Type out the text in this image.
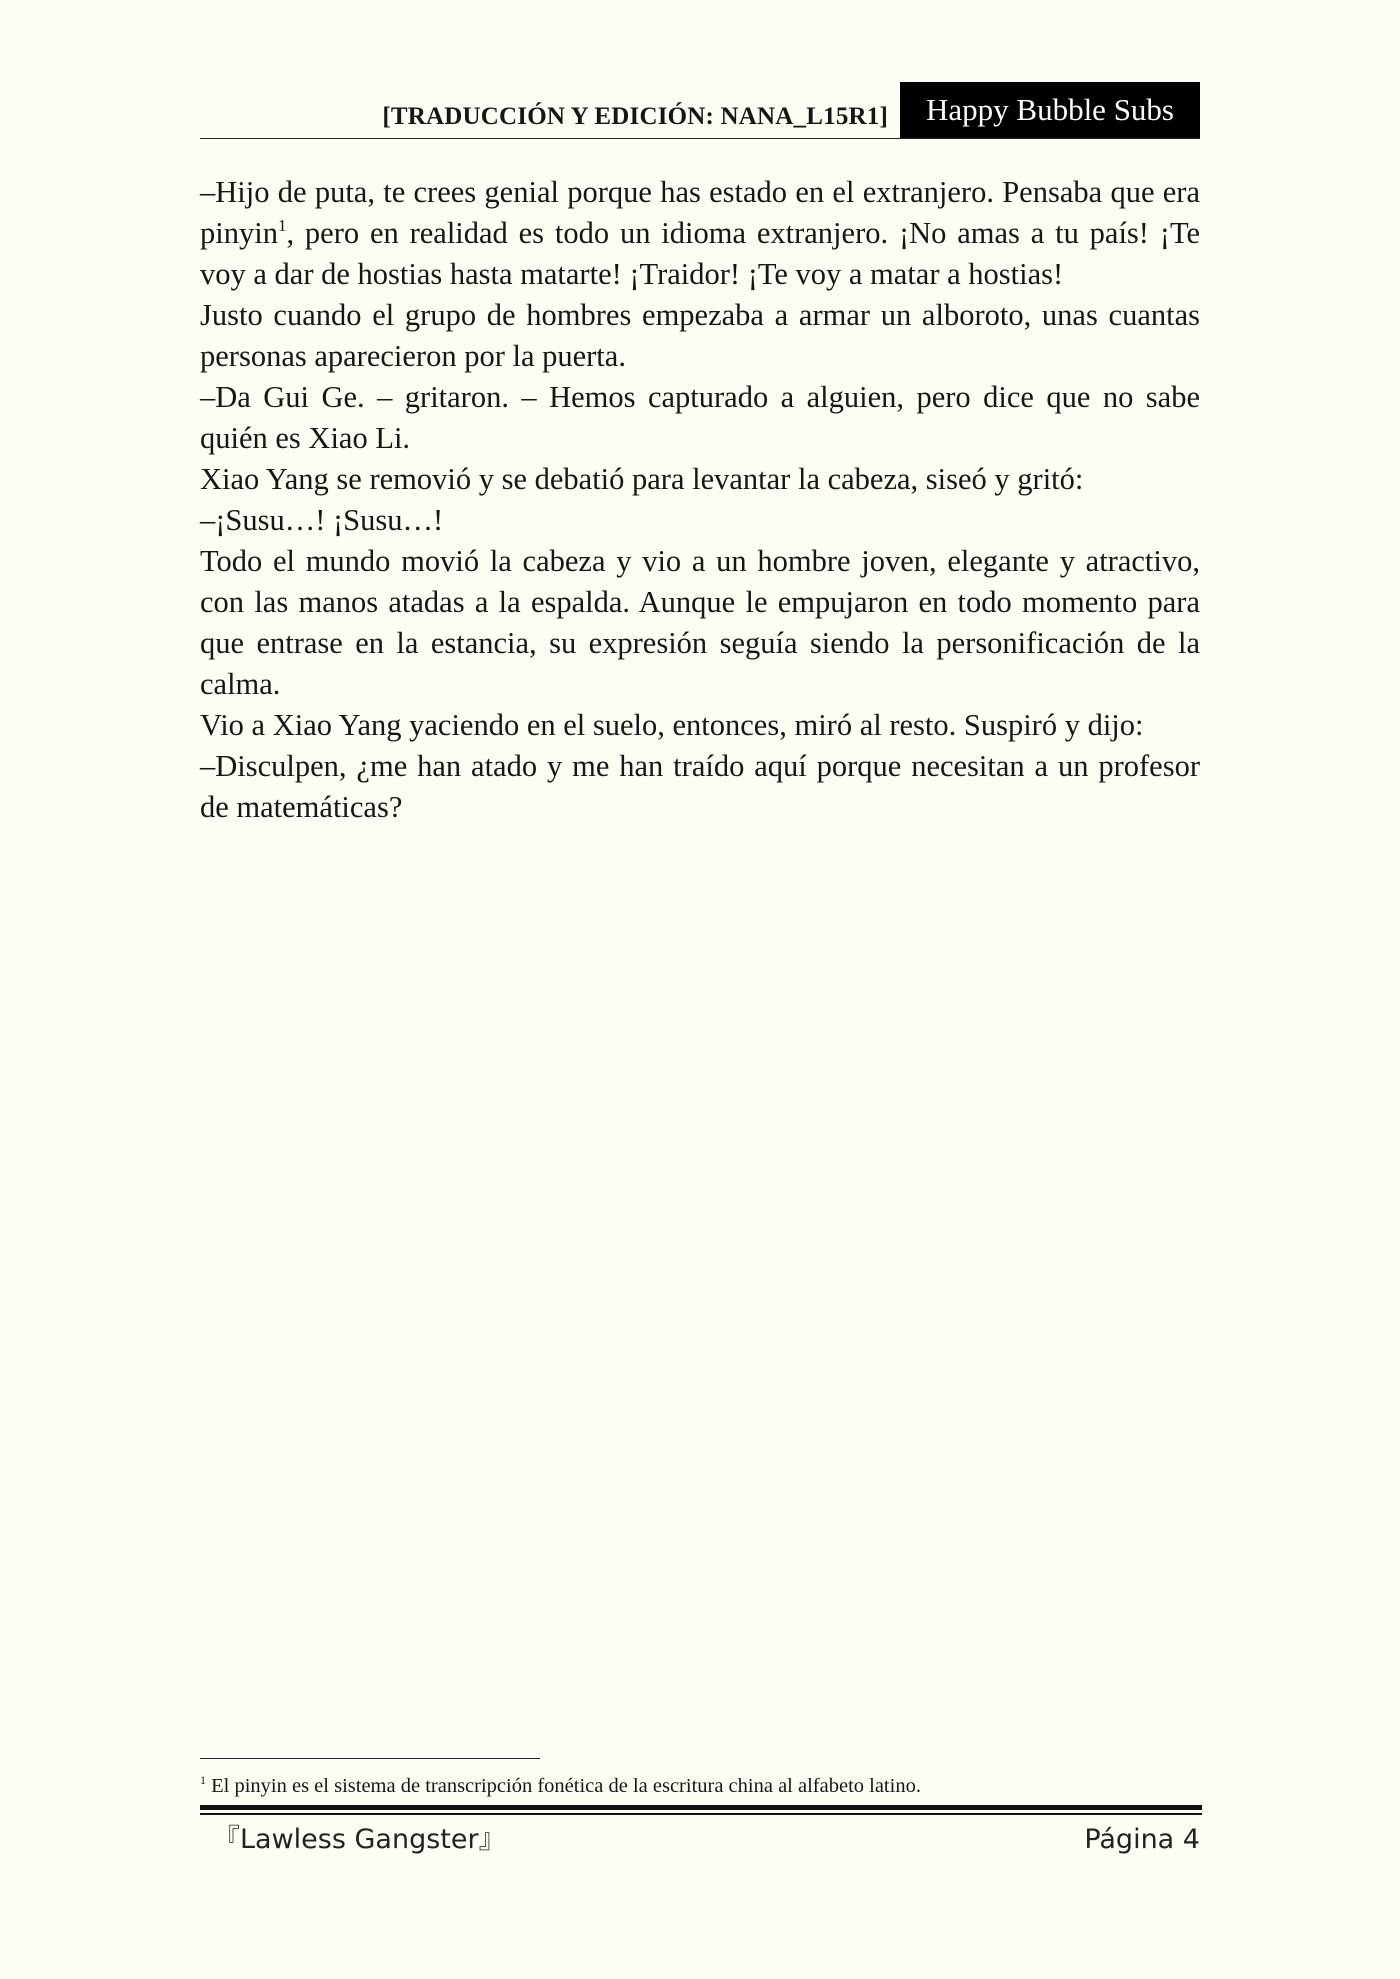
[TRADUCCIÓN Y EDICIÓN: NANA_L15R1]	Happy Bubble Subs

–Hijo de puta, te crees genial porque has estado en el extranjero. Pensaba que era pinyin$^1$, pero en realidad es todo un idioma extranjero. ¡No amas a tu país! ¡Te voy a dar de hostias hasta matarte! ¡Traidor! ¡Te voy a matar a hostias!

Justo cuando el grupo de hombres empezaba a armar un alboroto, unas cuantas personas aparecieron por la puerta.

–Da Gui Ge. – gritaron. – Hemos capturado a alguien, pero dice que no sabe quién es Xiao Li.

Xiao Yang se removió y se debatió para levantar la cabeza, siseó y gritó:

–¡Susu…! ¡Susu…!

Todo el mundo movió la cabeza y vio a un hombre joven, elegante y atractivo, con las manos atadas a la espalda. Aunque le empujaron en todo momento para que entrase en la estancia, su expresión seguía siendo la personificación de la calma.

Vio a Xiao Yang yaciendo en el suelo, entonces, miró al resto. Suspiró y dijo:

–Disculpen, ¿me han atado y me han traído aquí porque necesitan a un profesor de matemáticas?

$^1$ El pinyin es el sistema de transcripción fonética de la escritura china al alfabeto latino.
『Lawless Gangster』	Página 4
